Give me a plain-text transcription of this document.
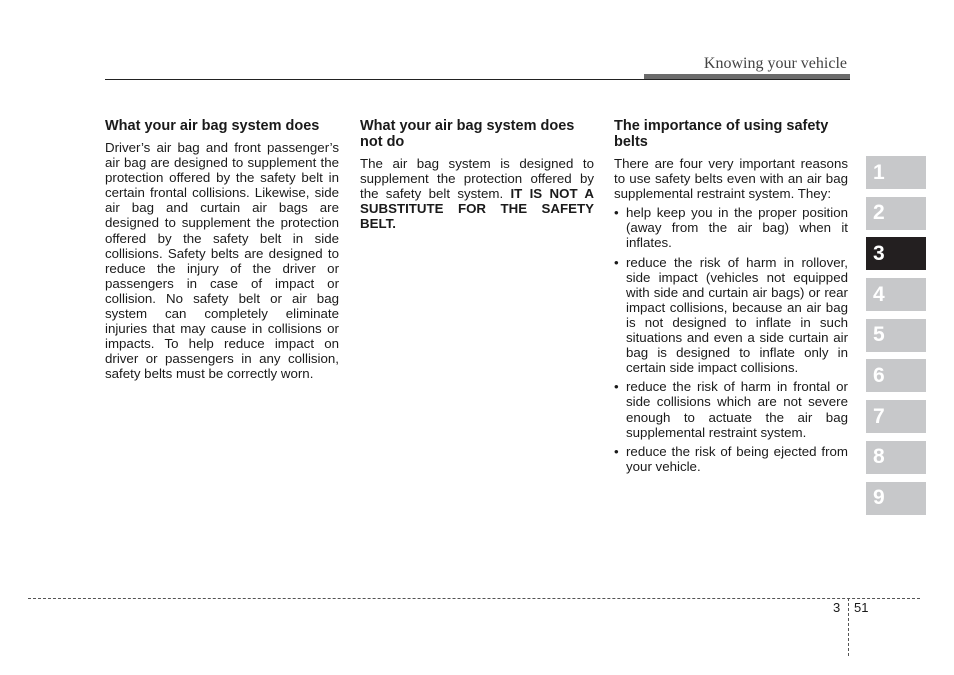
Knowing your vehicle
What your air bag system does

Driver’s air bag and front passenger’s air bag are designed to supplement the protection offered by the safety belt in certain frontal collisions. Likewise, side air bag and curtain air bags are designed to supplement the protection offered by the safety belt in side collisions. Safety belts are designed to reduce the injury of the driver or passengers in case of impact or collision. No safety belt or air bag system can completely eliminate injuries that may cause in collisions or impacts. To help reduce impact on driver or passengers in any collision, safety belts must be correctly worn.

What your air bag system does not do

The air bag system is designed to supplement the protection offered by the safety belt system. IT IS NOT A SUBSTITUTE FOR THE SAFETY BELT.

The importance of using safety belts

There are four very important reasons to use safety belts even with an air bag supplemental restraint system. They:

• help keep you in the proper position (away from the air bag) when it inflates.
• reduce the risk of harm in rollover, side impact (vehicles not equipped with side and curtain air bags) or rear impact collisions, because an air bag is not designed to inflate in such situations and even a side curtain air bag is designed to inflate only in certain side impact collisions.
• reduce the risk of harm in frontal or side collisions which are not severe enough to actuate the air bag supplemental restraint system.
• reduce the risk of being ejected from your vehicle.
1
2
3
4
5
6
7
8
9
3 51
